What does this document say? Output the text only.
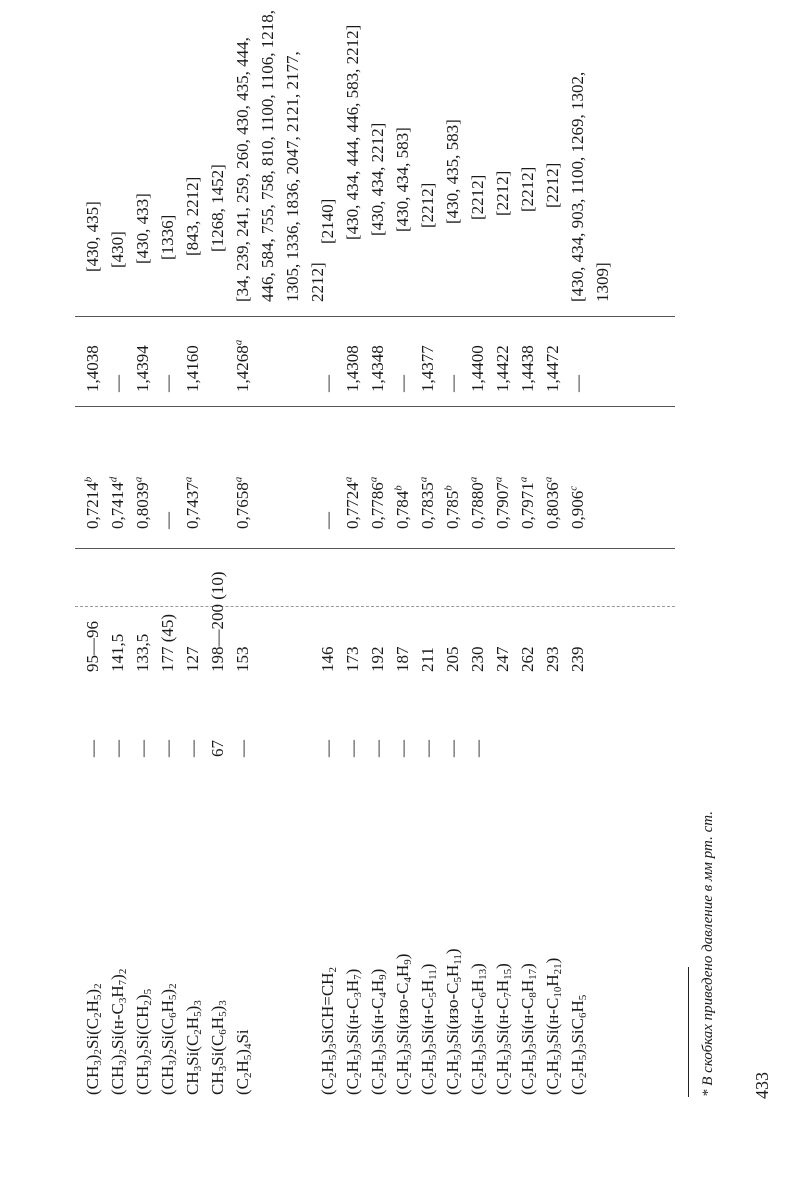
$(CH_3)_2Si(C_2H_5)_2$
—
95—96
0,7214$^b$
1,4038
[430, 435]
$(CH_3)_2Si(н-C_3H_7)_2$
—
141,5
0,7414$^d$
—
[430]
$(CH_3)_2Si(CH_2)_5$
—
133,5
0,8039$^a$
1,4394
[430, 433]
$(CH_3)_2Si(C_6H_5)_2$
—
177 (45)
—
—
[1336]
$CH_3Si(C_2H_5)_3$
—
127
0,7437$^a$
1,4160
[843, 2212]
$CH_3Si(C_6H_5)_3$
67
198—200 (10)
[1268, 1452]
$(C_2H_5)_4Si$
—
153
0,7658$^a$
1,4268$^a$
[34, 239, 241, 259, 260, 430, 435, 444, 446, 584, 755, 758, 810, 1100, 1106, 1218, 1305, 1336, 1836, 2047, 2121, 2177, 2212]
$(C_2H_5)_3SiCH=CH_2$
—
146
—
—
[2140]
$(C_2H_5)_3Si(н-C_3H_7)$
—
173
0,7724$^a$
1,4308
[430, 434, 444, 446, 583, 2212]
$(C_2H_5)_3Si(н-C_4H_9)$
—
192
0,7786$^a$
1,4348
[430, 434, 2212]
$(C_2H_5)_3Si(изо-C_4H_9)$
—
187
0,784$^b$
—
[430, 434, 583]
$(C_2H_5)_3Si(н-C_5H_{11})$
—
211
0,7835$^a$
1,4377
[2212]
$(C_2H_5)_3Si(изо-C_5H_{11})$
—
205
0,785$^b$
—
[430, 435, 583]
$(C_2H_5)_3Si(н-C_6H_{13})$
—
230
0,7880$^a$
1,4400
[2212]
$(C_2H_5)_3Si(н-C_7H_{15})$
247
0,7907$^a$
1,4422
[2212]
$(C_2H_5)_3Si(н-C_8H_{17})$
262
0,7971$^a$
1,4438
[2212]
$(C_2H_5)_3Si(н-C_{10}H_{21})$
293
0,8036$^a$
1,4472
[2212]
$(C_2H_5)_3SiC_6H_5$
239
0,906$^c$
—
[430, 434, 903, 1100, 1269, 1302, 1309]
* В скобках приведено давление в мм рт. ст. 433
